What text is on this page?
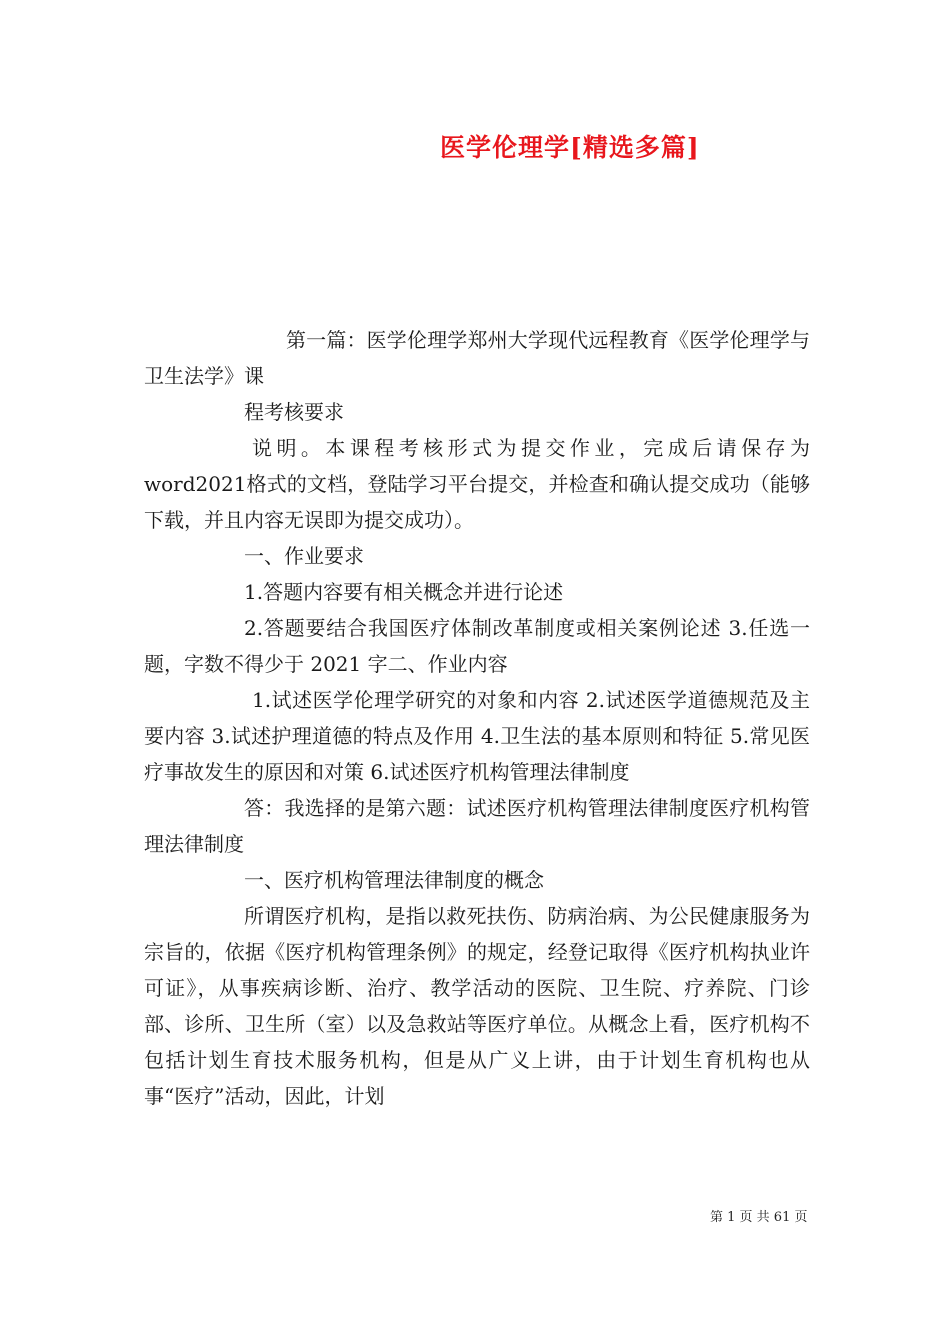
医学伦理学[精选多篇]

第一篇：医学伦理学郑州大学现代远程教育《医学伦理学与卫生法学》课

程考核要求

说明。本课程考核形式为提交作业，完成后请保存为word2021格式的文档，登陆学习平台提交，并检查和确认提交成功（能够下载，并且内容无误即为提交成功）。

一、作业要求

1.答题内容要有相关概念并进行论述

2.答题要结合我国医疗体制改革制度或相关案例论述 3.任选一题，字数不得少于 2021 字二、作业内容

1.试述医学伦理学研究的对象和内容 2.试述医学道德规范及主要内容 3.试述护理道德的特点及作用 4.卫生法的基本原则和特征 5.常见医疗事故发生的原因和对策 6.试述医疗机构管理法律制度

答：我选择的是第六题：试述医疗机构管理法律制度医疗机构管理法律制度

一、医疗机构管理法律制度的概念

所谓医疗机构，是指以救死扶伤、防病治病、为公民健康服务为宗旨的，依据《医疗机构管理条例》的规定，经登记取得《医疗机构执业许可证》，从事疾病诊断、治疗、教学活动的医院、卫生院、疗养院、门诊部、诊所、卫生所（室）以及急救站等医疗单位。从概念上看，医疗机构不包括计划生育技术服务机构，但是从广义上讲，由于计划生育机构也从事“医疗”活动，因此，计划

第 1 页 共 61 页
